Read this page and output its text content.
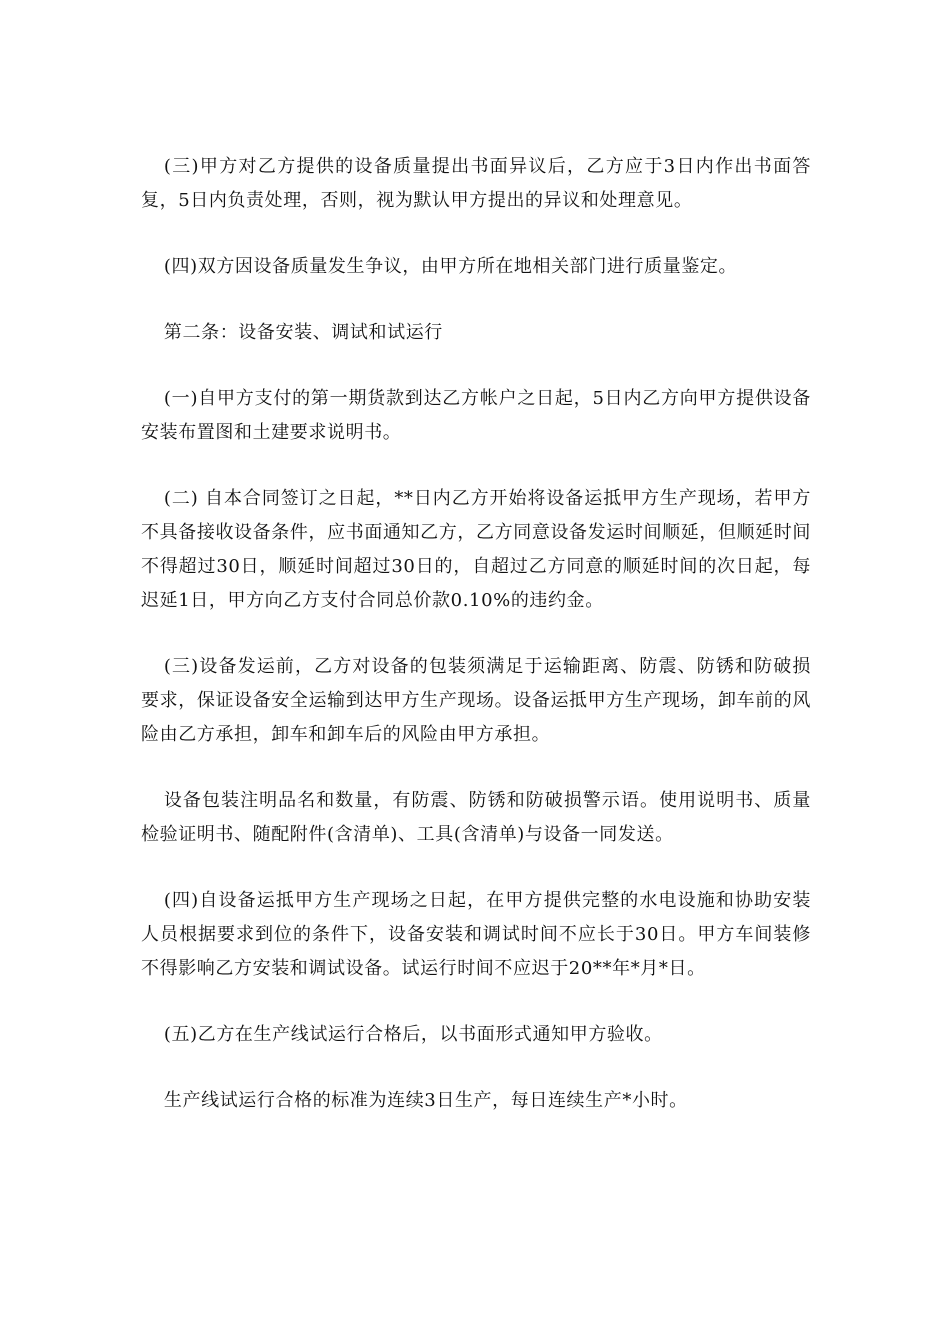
(三)甲方对乙方提供的设备质量提出书面异议后，乙方应于3日内作出书面答复，5日内负责处理，否则，视为默认甲方提出的异议和处理意见。

(四)双方因设备质量发生争议，由甲方所在地相关部门进行质量鉴定。

第二条：设备安装、调试和试运行

(一)自甲方支付的第一期货款到达乙方帐户之日起，5日内乙方向甲方提供设备安装布置图和土建要求说明书。

(二) 自本合同签订之日起，**日内乙方开始将设备运抵甲方生产现场，若甲方不具备接收设备条件，应书面通知乙方，乙方同意设备发运时间顺延，但顺延时间不得超过30日，顺延时间超过30日的，自超过乙方同意的顺延时间的次日起，每迟延1日，甲方向乙方支付合同总价款0.10%的违约金。

(三)设备发运前，乙方对设备的包装须满足于运输距离、防震、防锈和防破损要求，保证设备安全运输到达甲方生产现场。设备运抵甲方生产现场，卸车前的风险由乙方承担，卸车和卸车后的风险由甲方承担。

设备包装注明品名和数量，有防震、防锈和防破损警示语。使用说明书、质量检验证明书、随配附件(含清单)、工具(含清单)与设备一同发送。

(四)自设备运抵甲方生产现场之日起，在甲方提供完整的水电设施和协助安装人员根据要求到位的条件下，设备安装和调试时间不应长于30日。甲方车间装修不得影响乙方安装和调试设备。试运行时间不应迟于20**年*月*日。

(五)乙方在生产线试运行合格后，以书面形式通知甲方验收。

生产线试运行合格的标准为连续3日生产，每日连续生产*小时。
